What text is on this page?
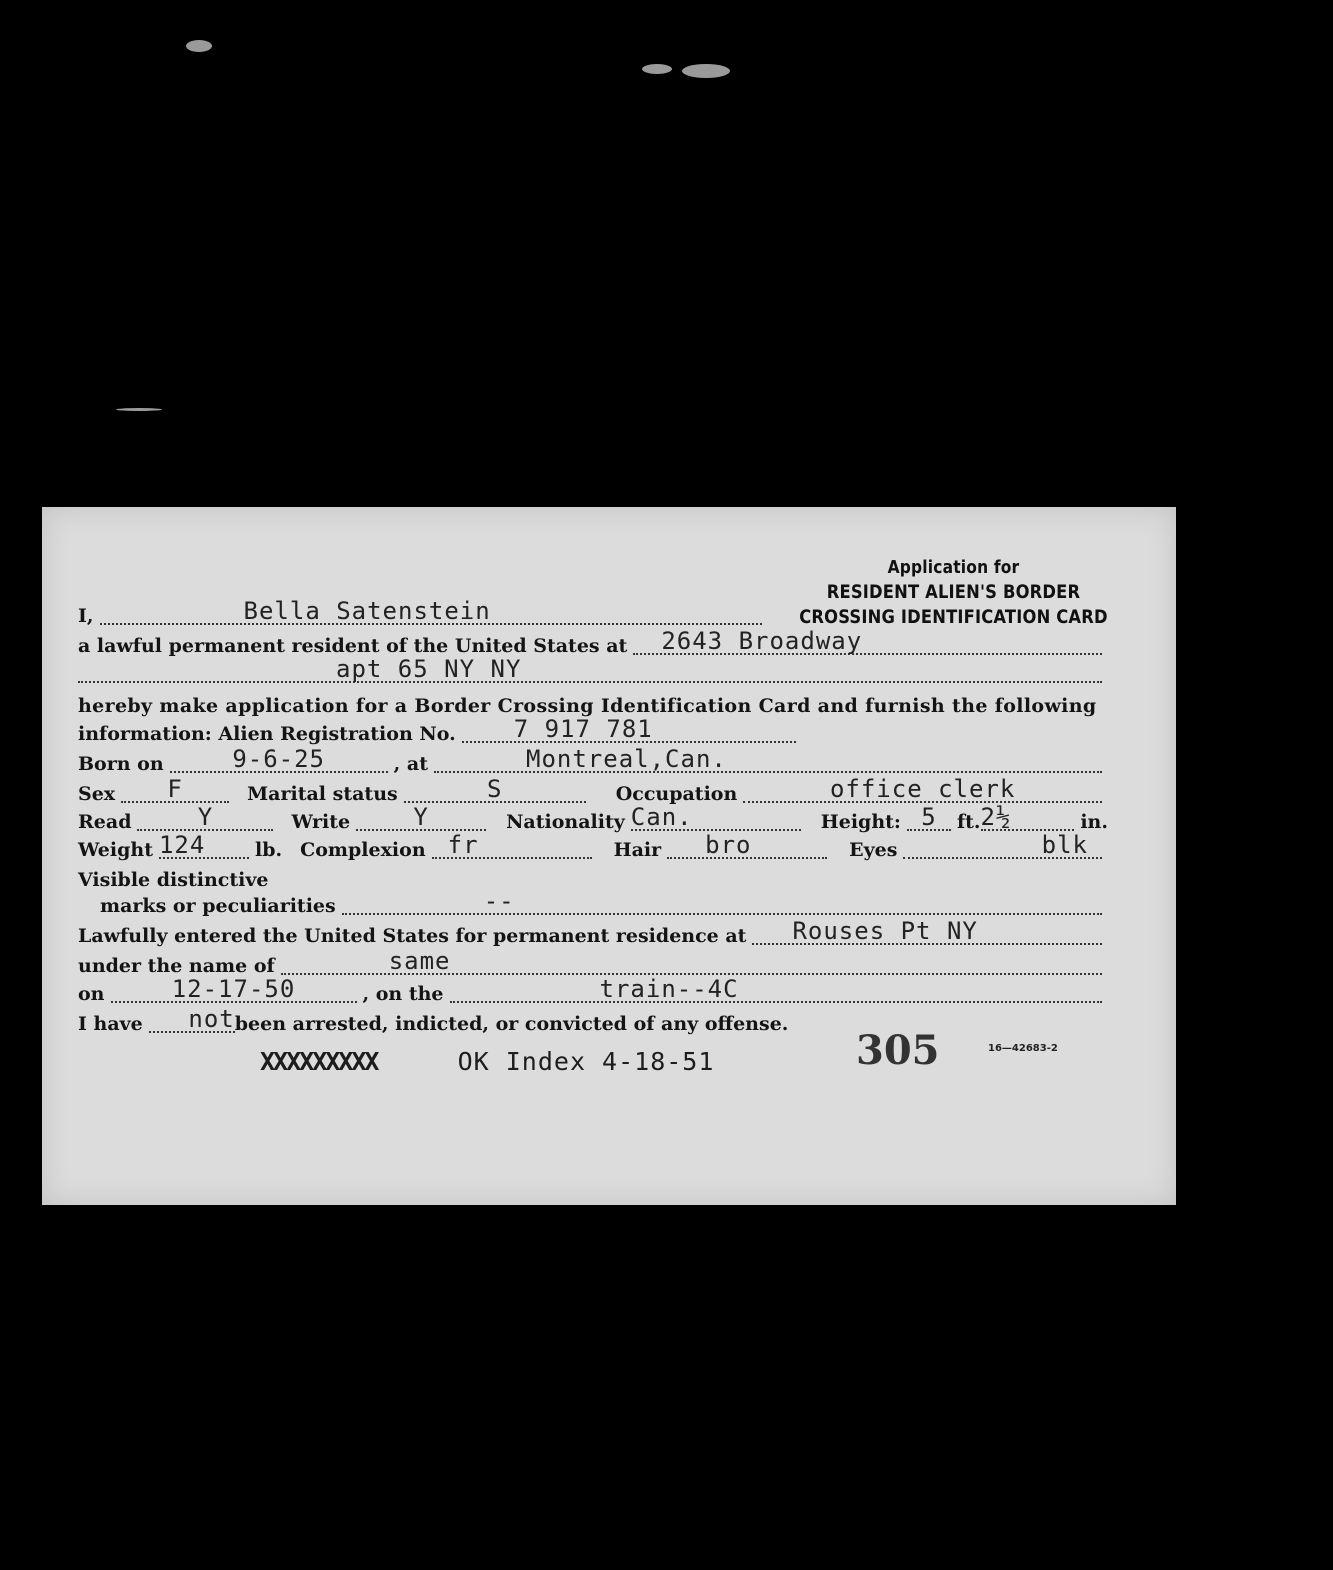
Application for
RESIDENT ALIEN'S BORDER
CROSSING IDENTIFICATION CARD
I,	Bella Satenstein
a lawful permanent resident of the United States at	2643 Broadway
apt 65 NY NY
hereby make application for a Border Crossing Identification Card and furnish the following
information: Alien Registration No.	7 917 781
Born on	9-6-25	, at	Montreal,Can.
Sex	F	Marital status	S	Occupation	office clerk
Read	Y	Write	Y	Nationality Can.	Height: 5	ft. 2½	in.
Weight 124	lb. Complexion fr	Hair	bro	Eyes	blk
Visible distinctive
marks or peculiarities	--
Lawfully entered the United States for permanent residence at	Rouses Pt NY
under the name of	same
on	12-17-50	, on the	train--4C
I have	not been arrested, indicted, or convicted of any offense.
XXXXXXXXX	OK Index 4-18-51	305	16—42683-2
